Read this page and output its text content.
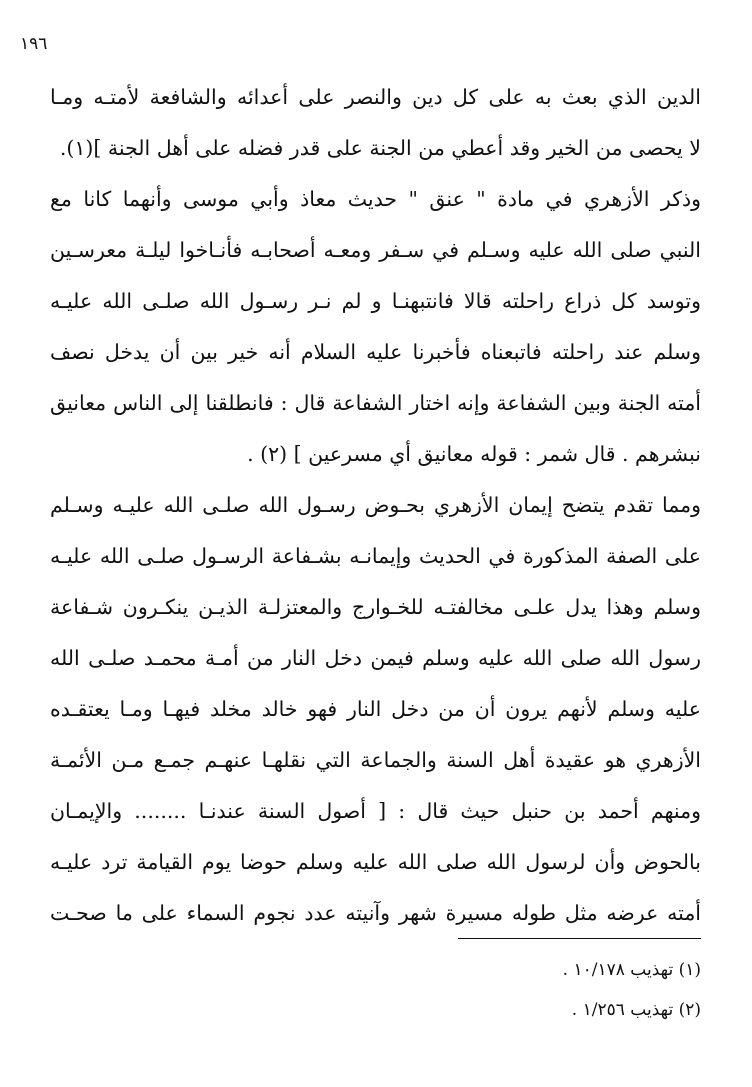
١٩٦
الدين الذي بعث به على كل دين والنصر على أعدائه والشافعة لأمتـه ومـا
لا يحصى من الخير وقد أعطي من الجنة على قدر فضله على أهل الجنة ](١).
وذكر الأزهري في مادة " عنق " حديث معاذ وأبي موسى وأنهما كانا مع
النبي صلى الله عليه وسـلم في سـفر ومعـه أصحابـه فأنـاخوا ليلـة معرسـين
وتوسد كل ذراع راحلته قالا فانتبهنـا و لم نـر رسـول الله صلـى الله عليـه
وسلم عند راحلته فاتبعناه فأخبرنا عليه السلام أنه خير بين أن يدخل نصف
أمته الجنة وبين الشفاعة وإنه اختار الشفاعة قال : فانطلقنا إلى الناس معانيق
نبشرهم . قال شمر : قوله معانيق أي مسرعين ] (٢) .
ومما تقدم يتضح إيمان الأزهري بحـوض رسـول الله صلـى الله عليـه وسـلم
على الصفة المذكورة في الحديث وإيمانـه بشـفاعة الرسـول صلـى الله عليـه
وسلم وهذا يدل علـى مخالفتـه للخـوارج والمعتزلـة الذيـن ينكـرون شـفاعة
رسول الله صلى الله عليه وسلم فيمن دخل النار من أمـة محمـد صلـى الله
عليه وسلم لأنهم يرون أن من دخل النار فهو خالد مخلد فيهـا ومـا يعتقـده
الأزهري هو عقيدة أهل السنة والجماعة التي نقلهـا عنهـم جمـع مـن الأئمـة
ومنهم أحمد بن حنبل حيث قال : [ أصول السنة عندنـا ........ والإيمـان
بالحوض وأن لرسول الله صلى الله عليه وسلم حوضا يوم القيامة ترد عليـه
أمته عرضه مثل طوله مسيرة شهر وآنيته عدد نجوم السماء على ما صحـت
(١) تهذيب ١٠/١٧٨ .
(٢) تهذيب ١/٢٥٦ .
